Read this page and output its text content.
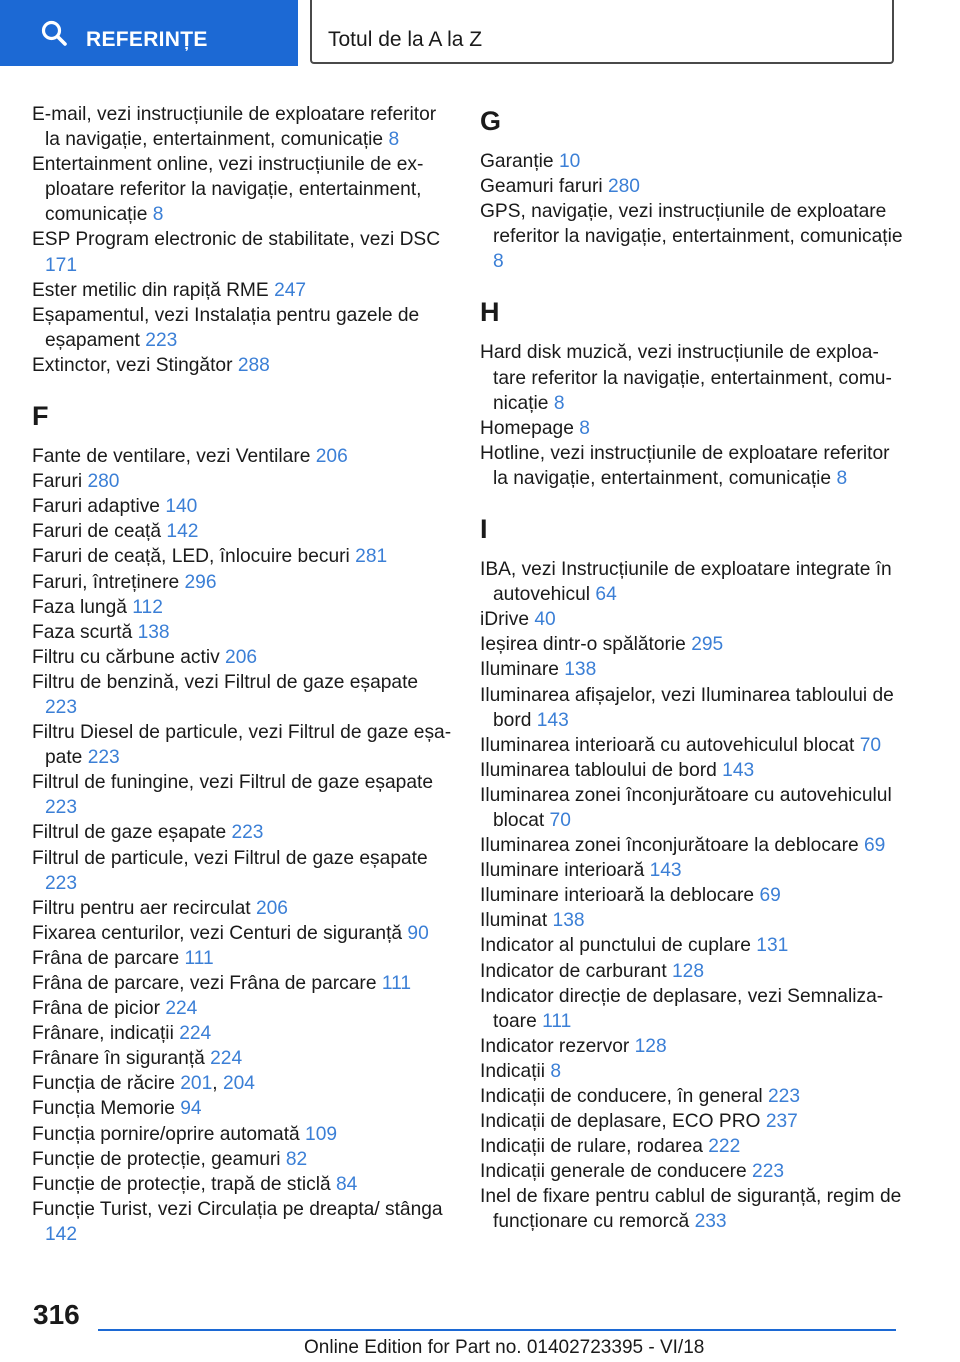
REFERINȚE	Totul de la A la Z
E-mail, vezi instrucțiunile de exploatare referitor la navigație, entertainment, comunicație 8
Entertainment online, vezi instrucțiunile de exploatare referitor la navigație, entertainment, comunicație 8
ESP Program electronic de stabilitate, vezi DSC 171
Ester metilic din rapiță RME 247
Eșapamentul, vezi Instalația pentru gazele de eșapament 223
Extinctor, vezi Stingător 288
F
Fante de ventilare, vezi Ventilare 206
Faruri 280
Faruri adaptive 140
Faruri de ceață 142
Faruri de ceață, LED, înlocuire becuri 281
Faruri, întreținere 296
Faza lungă 112
Faza scurtă 138
Filtru cu cărbune activ 206
Filtru de benzină, vezi Filtrul de gaze eșapate 223
Filtru Diesel de particule, vezi Filtrul de gaze eșapate 223
Filtrul de funingine, vezi Filtrul de gaze eșapate 223
Filtrul de gaze eșapate 223
Filtrul de particule, vezi Filtrul de gaze eșapate 223
Filtru pentru aer recirculat 206
Fixarea centurilor, vezi Centuri de siguranță 90
Frâna de parcare 111
Frâna de parcare, vezi Frâna de parcare 111
Frâna de picior 224
Frânare, indicații 224
Frânare în siguranță 224
Funcția de răcire 201, 204
Funcția Memorie 94
Funcția pornire/oprire automată 109
Funcție de protecție, geamuri 82
Funcție de protecție, trapă de sticlă 84
Funcție Turist, vezi Circulația pe dreapta/ stânga 142
G
Garanție 10
Geamuri faruri 280
GPS, navigație, vezi instrucțiunile de exploatare referitor la navigație, entertainment, comunicație 8
H
Hard disk muzică, vezi instrucțiunile de exploatare referitor la navigație, entertainment, comunicație 8
Homepage 8
Hotline, vezi instrucțiunile de exploatare referitor la navigație, entertainment, comunicație 8
I
IBA, vezi Instrucțiunile de exploatare integrate în autovehicul 64
iDrive 40
Ieșirea dintr-o spălătorie 295
Iluminare 138
Iluminarea afișajelor, vezi Iluminarea tabloului de bord 143
Iluminarea interioară cu autovehiculul blocat 70
Iluminarea tabloului de bord 143
Iluminarea zonei înconjurătoare cu autovehiculul blocat 70
Iluminarea zonei înconjurătoare la deblocare 69
Iluminare interioară 143
Iluminare interioară la deblocare 69
Iluminat 138
Indicator al punctului de cuplare 131
Indicator de carburant 128
Indicator direcție de deplasare, vezi Semnalizatoare 111
Indicator rezervor 128
Indicații 8
Indicații de conducere, în general 223
Indicații de deplasare, ECO PRO 237
Indicații de rulare, rodarea 222
Indicații generale de conducere 223
Inel de fixare pentru cablul de siguranță, regim de funcționare cu remorcă 233
316
Online Edition for Part no. 01402723395 - VI/18
